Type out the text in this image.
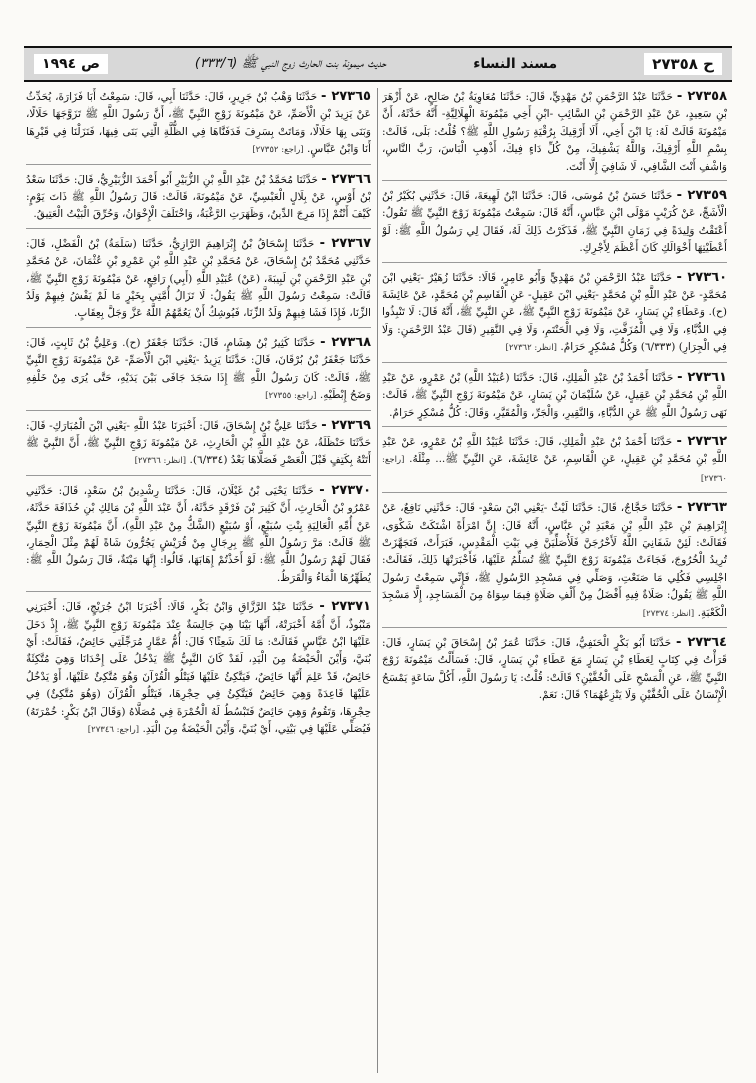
ح ٢٧٣٥٨
مسند النساء
حديث ميمونة بنت الحارث زوج النبي ﷺ (٣٣٣/٦)
ص ١٩٩٤
٢٧٣٥٨ - حَدَّثَنَا عَبْدُ الرَّحْمَنِ بْنُ مَهْدِيٍّ، قَالَ: حَدَّثَنَا مُعَاوِيَةُ بْنُ صَالِحٍ، عَنْ أَزْهَرَ بْنِ سَعِيدٍ، عَنْ عَبْدِ الرَّحْمَنِ بْنِ السَّائِبِ -ابْنِ أَخِي مَيْمُونَةَ الْهِلَالِيَّةِ- أَنَّهُ حَدَّثَهُ، أَنَّ مَيْمُونَةَ قَالَتْ لَهُ: يَا ابْنَ أَخِي، أَلَا أَرْقِيكَ بِرُقْيَةِ رَسُولِ اللَّهِ ﷺ؟ قُلْتُ: بَلَى، قَالَتْ: بِسْمِ اللَّهِ أَرْقِيكَ، وَاللَّهُ يَشْفِيكَ، مِنْ كُلِّ دَاءٍ فِيكَ، أَذْهِبِ الْبَاسَ، رَبَّ النَّاسِ، وَاشْفِ أَنْتَ الشَّافِي، لَا شَافِيَ إِلَّا أَنْتَ.
٢٧٣٥٩ - حَدَّثَنَا حَسَنُ بْنُ مُوسَى، قَالَ: حَدَّثَنَا ابْنُ لَهِيعَةَ، قَالَ: حَدَّثَنِي بُكَيْرُ بْنُ الْأَشَجِّ، عَنْ كُرَيْبٍ مَوْلَى ابْنِ عَبَّاسٍ، أَنَّهُ قَالَ: سَمِعْتُ مَيْمُونَةَ زَوْجَ النَّبِيِّ ﷺ تَقُولُ: أَعْتَقْتُ وَلِيدَةً فِي زَمَانِ النَّبِيِّ ﷺ، فَذَكَرْتُ ذَلِكَ لَهُ، فَقَالَ لِي رَسُولُ اللَّهِ ﷺ: لَوْ أَعْطَيْتِهَا أَخْوَالَكِ كَانَ أَعْظَمَ لِأَجْرِكِ.
٢٧٣٦٠ - حَدَّثَنَا عَبْدُ الرَّحْمَنِ بْنُ مَهْدِيٍّ وَأَبُو عَامِرٍ، قَالَا: حَدَّثَنَا زُهَيْرٌ -يَعْنِي ابْنَ مُحَمَّدٍ- عَنْ عَبْدِ اللَّهِ بْنِ مُحَمَّدٍ -يَعْنِي ابْنَ عَقِيلٍ- عَنِ الْقَاسِمِ بْنِ مُحَمَّدٍ، عَنْ عَائِشَةَ (ح). وَعَطَاءِ بْنِ يَسَارٍ، عَنْ مَيْمُونَةَ زَوْجِ النَّبِيِّ ﷺ، عَنِ النَّبِيِّ ﷺ، أَنَّهُ قَالَ: لَا تَنْبِذُوا فِي الدُّبَّاءِ، وَلَا فِي الْمُزَفَّتِ، وَلَا فِي الْحَنْتَمِ، وَلَا فِي النَّقِيرِ (قَالَ عَبْدُ الرَّحْمَنِ: وَلَا فِي الْجِرَارِ) (٦/٣٣٣) وَكُلُّ مُسْكِرٍ حَرَامٌ. [انظر: ٢٧٣٦٢]
٢٧٣٦١ - حَدَّثَنَا أَحْمَدُ بْنُ عَبْدِ الْمَلِكِ، قَالَ: حَدَّثَنَا (عُبَيْدُ اللَّهِ) بْنُ عَمْرٍو، عَنْ عَبْدِ اللَّهِ بْنِ مُحَمَّدِ بْنِ عَقِيلٍ، عَنْ سُلَيْمَانَ بْنِ يَسَارٍ، عَنْ مَيْمُونَةَ زَوْجِ النَّبِيِّ ﷺ، قَالَتْ: نَهَى رَسُولُ اللَّهِ ﷺ عَنِ الدُّبَّاءِ، وَالنَّقِيرِ، وَالْجَرِّ، وَالْمُقَيَّرِ، وَقَالَ: كُلُّ مُسْكِرٍ حَرَامٌ.
٢٧٣٦٢ - حَدَّثَنَا أَحْمَدُ بْنُ عَبْدِ الْمَلِكِ، قَالَ: حَدَّثَنَا عُبَيْدُ اللَّهِ بْنُ عَمْرٍو، عَنْ عَبْدِ اللَّهِ بْنِ مُحَمَّدِ بْنِ عَقِيلٍ، عَنِ الْقَاسِمِ، عَنْ عَائِشَةَ، عَنِ النَّبِيِّ ﷺ... مِثْلَهُ. [راجع: ٢٧٣٦٠]
٢٧٣٦٣ - حَدَّثَنَا حَجَّاجٌ، قَالَ: حَدَّثَنَا لَيْثٌ -يَعْنِي ابْنَ سَعْدٍ- قَالَ: حَدَّثَنِي نَافِعٌ، عَنْ إِبْرَاهِيمَ بْنِ عَبْدِ اللَّهِ بْنِ مَعْبَدِ بْنِ عَبَّاسٍ، أَنَّهُ قَالَ: إِنَّ امْرَأَةً اشْتَكَتْ شَكْوَى، فَقَالَتْ: لَئِنْ شَفَانِيَ اللَّهُ لَأَخْرُجَنَّ فَلَأُصَلِّيَنَّ فِي بَيْتِ الْمَقْدِسِ، فَبَرَأَتْ، فَتَجَهَّزَتْ تُرِيدُ الْخُرُوجَ، فَجَاءَتْ مَيْمُونَةَ زَوْجَ النَّبِيِّ ﷺ تُسَلِّمُ عَلَيْهَا، فَأَخْبَرَتْهَا ذَلِكَ، فَقَالَتْ: اجْلِسِي فَكُلِي مَا صَنَعْتِ، وَصَلِّي فِي مَسْجِدِ الرَّسُولِ ﷺ، فَإِنِّي سَمِعْتُ رَسُولَ اللَّهِ ﷺ يَقُولُ: صَلَاةٌ فِيهِ أَفْضَلُ مِنْ أَلْفِ صَلَاةٍ فِيمَا سِوَاهُ مِنَ الْمَسَاجِدِ، إِلَّا مَسْجِدَ الْكَعْبَةِ. [انظر: ٢٧٣٧٤]
٢٧٣٦٤ - حَدَّثَنَا أَبُو بَكْرٍ الْحَنَفِيُّ، قَالَ: حَدَّثَنَا عُمَرُ بْنُ إِسْحَاقَ بْنِ يَسَارٍ، قَالَ: قَرَأْتُ فِي كِتَابٍ لِعَطَاءِ بْنِ يَسَارٍ مَعَ عَطَاءِ بْنِ يَسَارٍ، قَالَ: فَسَأَلْتُ مَيْمُونَةَ زَوْجَ النَّبِيِّ ﷺ، عَنِ الْمَسْحِ عَلَى الْخُفَّيْنِ؟ قَالَتْ: قُلْتُ: يَا رَسُولَ اللَّهِ، أَكُلَّ سَاعَةٍ يَمْسَحُ الْإِنْسَانُ عَلَى الْخُفَّيْنِ وَلَا يَنْزِعُهُمَا؟ قَالَ: نَعَمْ.
٢٧٣٦٥ - حَدَّثَنَا وَهْبُ بْنُ جَرِيرٍ، قَالَ: حَدَّثَنَا أَبِي، قَالَ: سَمِعْتُ أَبَا فَزَارَةَ، يُحَدِّثُ عَنْ يَزِيدَ بْنِ الْأَصَمِّ، عَنْ مَيْمُونَةَ زَوْجِ النَّبِيِّ ﷺ، أَنَّ رَسُولَ اللَّهِ ﷺ تَزَوَّجَهَا حَلَالًا، وَبَنَى بِهَا حَلَالًا، وَمَاتَتْ بِسَرِفَ فَدَفَنَّاهَا فِي الظُّلَّةِ الَّتِي بَنَى فِيهَا، فَنَزَلْنَا فِي قَبْرِهَا أَنَا وَابْنُ عَبَّاسٍ. [راجع: ٢٧٣٥٢]
٢٧٣٦٦ - حَدَّثَنَا مُحَمَّدُ بْنُ عَبْدِ اللَّهِ بْنِ الزُّبَيْرِ أَبُو أَحْمَدَ الزُّبَيْرِيُّ، قَالَ: حَدَّثَنَا سَعْدُ بْنُ أَوْسٍ، عَنْ بِلَالٍ الْعَبْسِيِّ، عَنْ مَيْمُونَةَ، قَالَتْ: قَالَ رَسُولُ اللَّهِ ﷺ ذَاتَ يَوْمٍ: كَيْفَ أَنْتُمْ إِذَا مَرِجَ الدِّينُ، وَظَهَرَتِ الرَّغْبَةُ، وَاخْتَلَفَ الْإِخْوَانُ، وَحُرِّقَ الْبَيْتُ الْعَتِيقُ.
٢٧٣٦٧ - حَدَّثَنَا إِسْحَاقُ بْنُ إِبْرَاهِيمَ الرَّازِيُّ، حَدَّثَنَا (سَلَمَةُ) بْنُ الْفَضْلِ، قَالَ: حَدَّثَنِي مُحَمَّدُ بْنُ إِسْحَاقَ، عَنْ مُحَمَّدِ بْنِ عَبْدِ اللَّهِ بْنِ عَمْرِو بْنِ عُثْمَانَ، عَنْ مُحَمَّدِ بْنِ عَبْدِ الرَّحْمَنِ بْنِ لَبِيبَةَ، (عَنْ) عُبَيْدِ اللَّهِ (أَبِي) رَافِعٍ، عَنْ مَيْمُونَةَ زَوْجِ النَّبِيِّ ﷺ، قَالَتْ: سَمِعْتُ رَسُولَ اللَّهِ ﷺ يَقُولُ: لَا تَزَالُ أُمَّتِي بِخَيْرٍ مَا لَمْ يَفْشُ فِيهِمْ وَلَدُ الزِّنَا، فَإِذَا فَشَا فِيهِمْ وَلَدُ الزِّنَا، فَيُوشِكُ أَنْ يَعُمَّهُمُ اللَّهُ عَزَّ وَجَلَّ بِعِقَابٍ.
٢٧٣٦٨ - حَدَّثَنَا كَثِيرُ بْنُ هِشَامٍ، قَالَ: حَدَّثَنَا جَعْفَرٌ (ح). وَعَلِيُّ بْنُ ثَابِتٍ، قَالَ: حَدَّثَنَا جَعْفَرُ بْنُ بُرْقَانَ، قَالَ: حَدَّثَنَا يَزِيدُ -يَعْنِي ابْنَ الْأَصَمِّ- عَنْ مَيْمُونَةَ زَوْجِ النَّبِيِّ ﷺ، قَالَتْ: كَانَ رَسُولُ اللَّهِ ﷺ إِذَا سَجَدَ جَافَى بَيْنَ يَدَيْهِ، حَتَّى يُرَى مِنْ خَلْفِهِ وَضَحُ إِبْطَيْهِ. [راجع: ٢٧٣٥٥]
٢٧٣٦٩ - حَدَّثَنَا عَلِيُّ بْنُ إِسْحَاقَ، قَالَ: أَخْبَرَنَا عَبْدُ اللَّهِ -يَعْنِي ابْنَ الْمُبَارَكِ- قَالَ: حَدَّثَنَا حَنْظَلَةُ، عَنْ عَبْدِ اللَّهِ بْنِ الْحَارِثِ، عَنْ مَيْمُونَةَ زَوْجِ النَّبِيِّ ﷺ، أَنَّ النَّبِيَّ ﷺ أَتَتْهُ بِكَتِفٍ قَبْلَ الْعَصْرِ فَصَلَّاهَا بَعْدُ (٦/٣٣٤). [انظر: ٢٧٣٦٦]
٢٧٣٧٠ - حَدَّثَنَا يَحْيَى بْنُ غَيْلَانَ، قَالَ: حَدَّثَنَا رِشْدِينُ بْنُ سَعْدٍ، قَالَ: حَدَّثَنِي عَمْرُو بْنُ الْحَارِثِ، أَنَّ كَثِيرَ بْنَ فَرْقَدٍ حَدَّثَهُ، أَنَّ عَبْدَ اللَّهِ بْنَ مَالِكِ بْنِ حُذَافَةَ حَدَّثَهُ، عَنْ أُمِّهِ الْعَالِيَةِ بِنْتِ سُبَيْعٍ، أَوْ سُبَيْعٍ (الشَّكُّ مِنْ عَبْدِ اللَّهِ)، أَنَّ مَيْمُونَةَ زَوْجَ النَّبِيِّ ﷺ قَالَتْ: مَرَّ رَسُولُ اللَّهِ ﷺ بِرِجَالٍ مِنْ قُرَيْشٍ يَجُرُّونَ شَاةً لَهُمْ مِثْلَ الْحِمَارِ، فَقَالَ لَهُمْ رَسُولُ اللَّهِ ﷺ: لَوْ أَخَذْتُمْ إِهَابَهَا، قَالُوا: إِنَّهَا مَيْتَةٌ، قَالَ رَسُولُ اللَّهِ ﷺ: يُطَهِّرُهَا الْمَاءُ وَالْقَرَظُ.
٢٧٣٧١ - حَدَّثَنَا عَبْدُ الرَّزَّاقِ وَابْنُ بَكْرٍ، قَالَا: أَخْبَرَنَا ابْنُ جُرَيْجٍ، قَالَ: أَخْبَرَنِي مَنْبُوذٌ، أَنَّ أُمَّهُ أَخْبَرَتْهُ، أَنَّهَا بَيْنَا هِيَ جَالِسَةٌ عِنْدَ مَيْمُونَةَ زَوْجِ النَّبِيِّ ﷺ، إِذْ دَخَلَ عَلَيْهَا ابْنُ عَبَّاسٍ فَقَالَتْ: مَا لَكَ شَعِثًا؟ قَالَ: أُمُّ عَمَّارٍ مُرَجِّلَتِي حَائِضٌ، فَقَالَتْ: أَيْ بُنَيَّ، وَأَيْنَ الْحَيْضَةُ مِنَ الْيَدِ، لَقَدْ كَانَ النَّبِيُّ ﷺ يَدْخُلُ عَلَى إِحْدَانَا وَهِيَ مُتَّكِئَةٌ حَائِضٌ، قَدْ عَلِمَ أَنَّهَا حَائِضٌ، فَيَتَّكِئُ عَلَيْهَا فَيَتْلُو الْقُرْآنَ وَهُوَ مُتَّكِئٌ عَلَيْهَا، أَوْ يَدْخُلُ عَلَيْهَا قَاعِدَةً وَهِيَ حَائِضٌ فَيَتَّكِئُ فِي حِجْرِهَا، فَيَتْلُو الْقُرْآنَ (وَهُوَ مُتَّكِئٌ) فِي حِجْرِهَا، وَتَقُومُ وَهِيَ حَائِضٌ فَتَبْسُطُ لَهُ الْخُمْرَةَ فِي مُصَلَّاهُ (وَقَالَ ابْنُ بَكْرٍ: خُمْرَتَهُ) فَيُصَلِّي عَلَيْهَا فِي بَيْتِي، أَيْ بُنَيَّ، وَأَيْنَ الْحَيْضَةُ مِنَ الْيَدِ. [راجع: ٢٧٣٤٦]
